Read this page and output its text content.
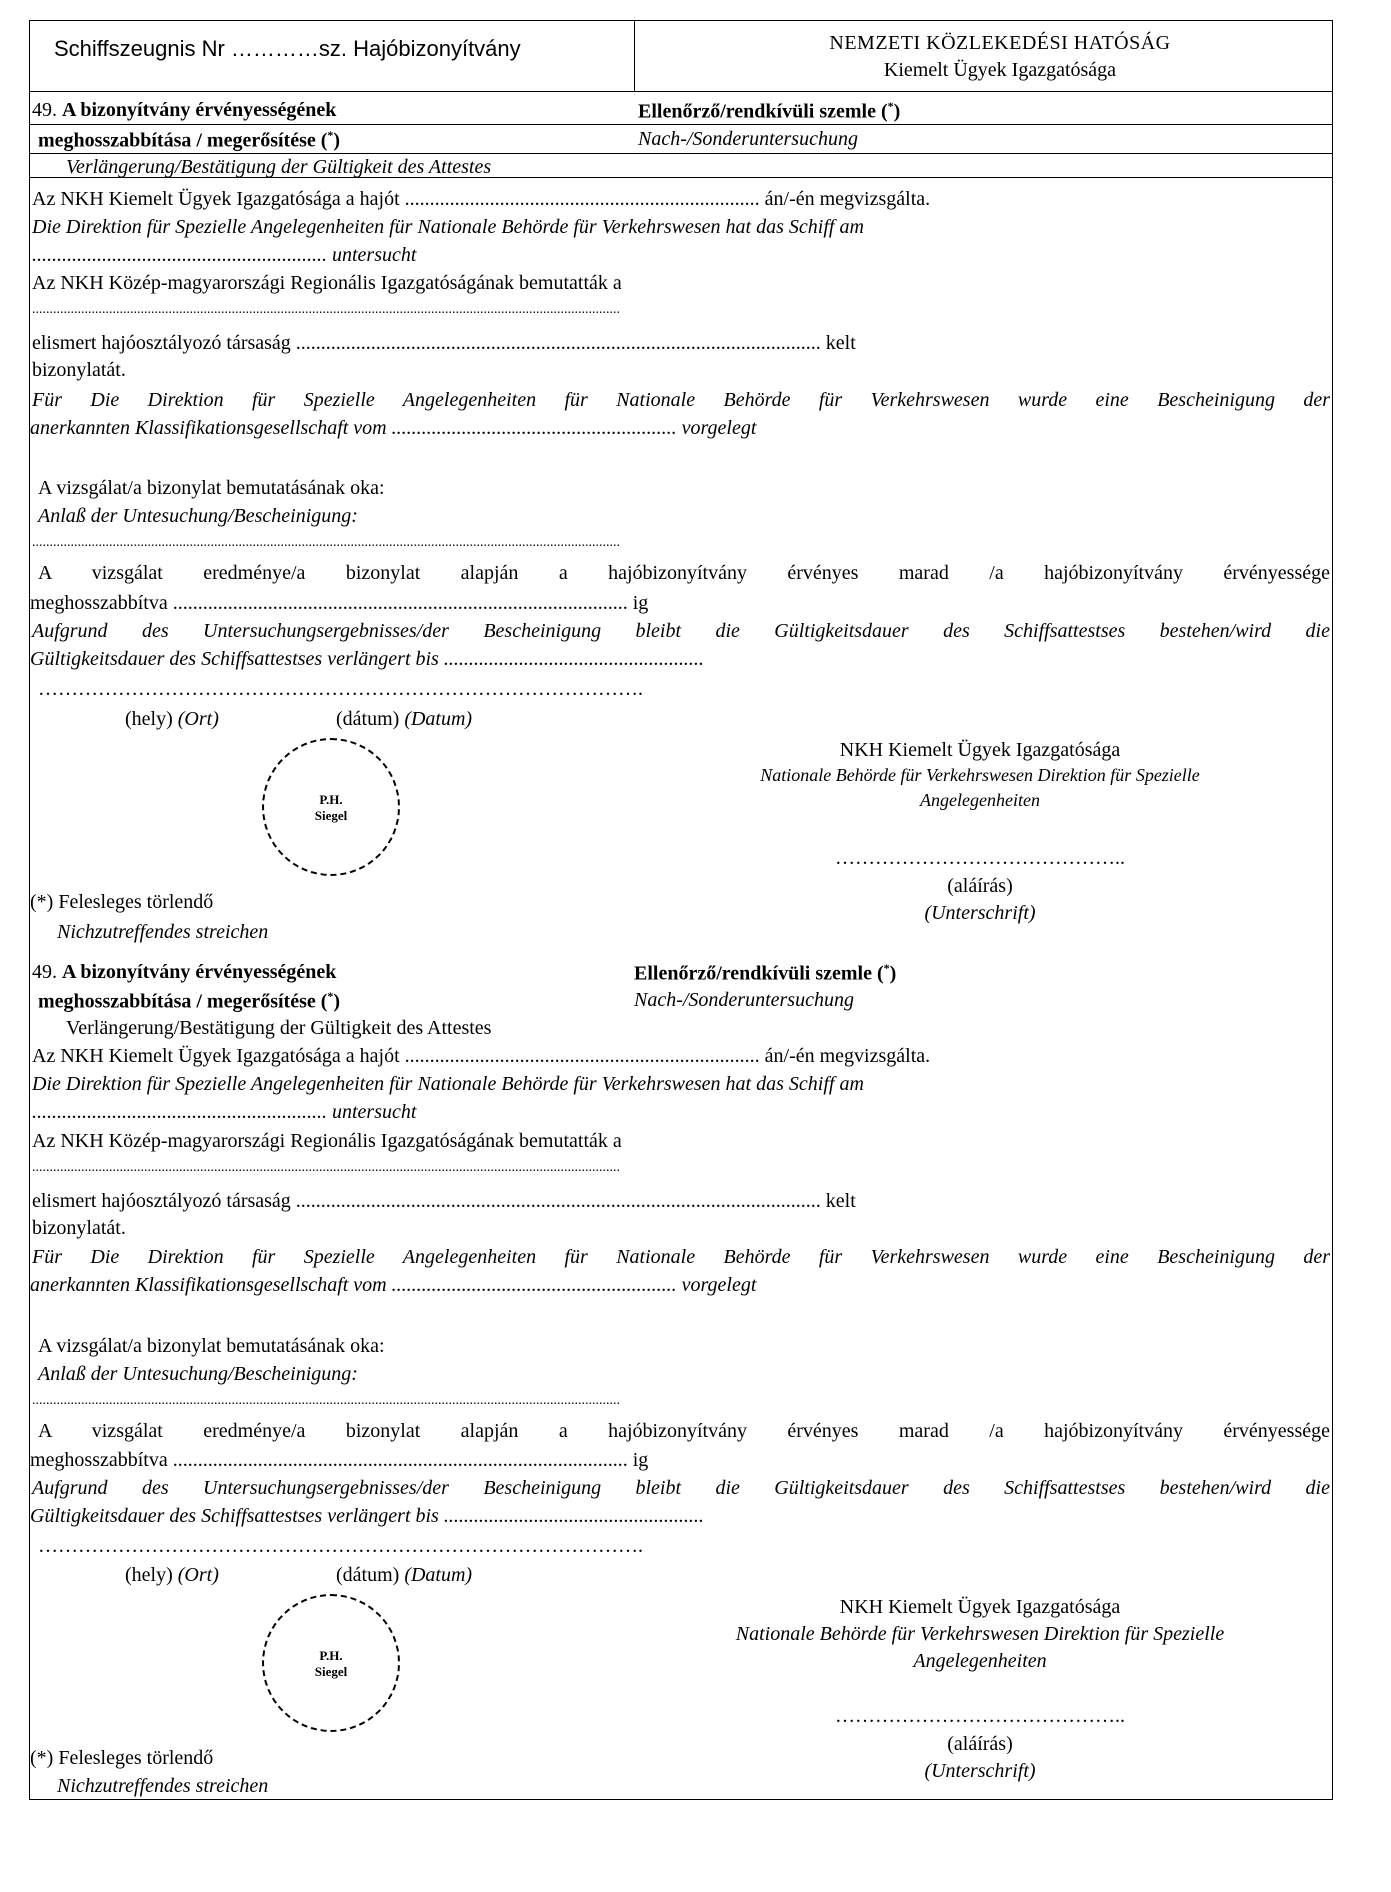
Schiffszeugnis Nr …………sz. Hajóbizonyítvány	NEMZETI KÖZLEKEDÉSI HATÓSÁG
Kiemelt Ügyek Igazgatósága
49. A bizonyítvány érvényességének
meghosszabbítása / megerősítése (*)
Verlängerung/Bestätigung der Gültigkeit des Attestes
Ellenőrző/rendkívüli szemle (*)
Nach-/Sonderuntersuchung
Az NKH Kiemelt Ügyek Igazgatósága a hajót ....................................................................... án/-én megvizsgálta.
Die Direktion für Spezielle Angelegenheiten für Nationale Behörde für Verkehrswesen hat das Schiff am
........................................................... untersucht
Az NKH Közép-magyarországi Regionális Igazgatóságának bemutatták a
........................................................................................................................................................................
elismert hajóosztályozó társaság ......................................................................................................... kelt
bizonylatát.
Für Die Direktion für Spezielle Angelegenheiten für Nationale Behörde für Verkehrswesen wurde eine Bescheinigung der
anerkannten Klassifikationsgesellschaft vom ......................................................... vorgelegt
A vizsgálat/a bizonylat bemutatásának oka:
Anlaß der Untesuchung/Bescheinigung:
........................................................................................................................................................................
A vizsgálat eredménye/a bizonylat alapján a hajóbizonyítvány érvényes marad /a hajóbizonyítvány érvényessége
meghosszabbítva ........................................................................................... ig
Aufgrund des Untersuchungsergebnisses/der Bescheinigung bleibt die Gültigkeitsdauer des Schiffsattestses bestehen/wird die
Gültigkeitsdauer des Schiffsattestses verlängert bis ....................................................
……………………………………………………………………………….
(hely) (Ort)	(dátum) (Datum)
P.H.
Siegel
NKH Kiemelt Ügyek Igazgatósága
Nationale Behörde für Verkehrswesen Direktion für Spezielle
Angelegenheiten
……………………………………..
(aláírás)
(Unterschrift)
(*) Felesleges törlendő
Nichzutreffendes streichen
49. A bizonyítvány érvényességének
meghosszabbítása / megerősítése (*)
Verlängerung/Bestätigung der Gültigkeit des Attestes
Ellenőrző/rendkívüli szemle (*)
Nach-/Sonderuntersuchung
Az NKH Kiemelt Ügyek Igazgatósága a hajót ....................................................................... án/-én megvizsgálta.
Die Direktion für Spezielle Angelegenheiten für Nationale Behörde für Verkehrswesen hat das Schiff am
........................................................... untersucht
Az NKH Közép-magyarországi Regionális Igazgatóságának bemutatták a
........................................................................................................................................................................
elismert hajóosztályozó társaság ......................................................................................................... kelt
bizonylatát.
Für Die Direktion für Spezielle Angelegenheiten für Nationale Behörde für Verkehrswesen wurde eine Bescheinigung der
anerkannten Klassifikationsgesellschaft vom ......................................................... vorgelegt
A vizsgálat/a bizonylat bemutatásának oka:
Anlaß der Untesuchung/Bescheinigung:
........................................................................................................................................................................
A vizsgálat eredménye/a bizonylat alapján a hajóbizonyítvány érvényes marad /a hajóbizonyítvány érvényessége
meghosszabbítva ........................................................................................... ig
Aufgrund des Untersuchungsergebnisses/der Bescheinigung bleibt die Gültigkeitsdauer des Schiffsattestses bestehen/wird die
Gültigkeitsdauer des Schiffsattestses verlängert bis ....................................................
……………………………………………………………………………….
(hely) (Ort)	(dátum) (Datum)
P.H.
Siegel
NKH Kiemelt Ügyek Igazgatósága
Nationale Behörde für Verkehrswesen Direktion für Spezielle
Angelegenheiten
……………………………………..
(aláírás)
(Unterschrift)
(*) Felesleges törlendő
Nichzutreffendes streichen
